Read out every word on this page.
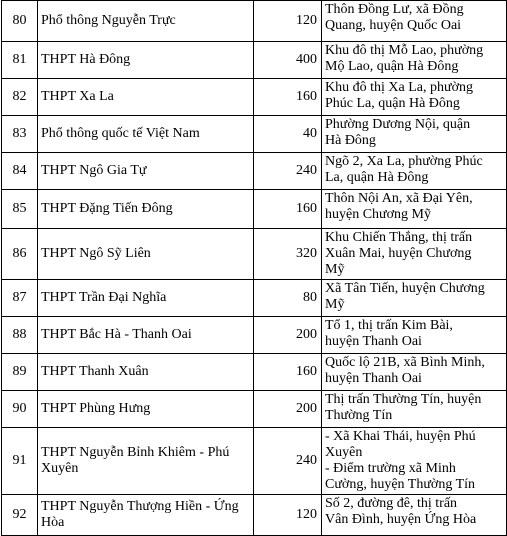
80	Phổ thông Nguyễn Trực	120	Thôn Đồng Lư, xã Đồng
Quang, huyện Quốc Oai

81	THPT Hà Đông	400	Khu đô thị Mỗ Lao, phường
Mộ Lao, quận Hà Đông

82	THPT Xa La	160	Khu đô thị Xa La, phường
Phúc La, quận Hà Đông

83	Phổ thông quốc tế Việt Nam	40	Phường Dương Nội, quận
Hà Đông

84	THPT Ngô Gia Tự	240	Ngõ 2, Xa La, phường Phúc
La, quận Hà Đông

85	THPT Đặng Tiến Đông	160	Thôn Nội An, xã Đại Yên,
huyện Chương Mỹ

86	THPT Ngô Sỹ Liên	320	Khu Chiến Thắng, thị trấn
Xuân Mai, huyện Chương
Mỹ

87	THPT Trần Đại Nghĩa	80	Xã Tân Tiến, huyện Chương
Mỹ

88	THPT Bắc Hà - Thanh Oai	200	Tổ 1, thị trấn Kim Bài,
huyện Thanh Oai

89	THPT Thanh Xuân	160	Quốc lộ 21B, xã Bình Minh,
huyện Thanh Oai

90	THPT Phùng Hưng	200	Thị trấn Thường Tín, huyện
Thường Tín

91	THPT Nguyễn Bỉnh Khiêm - Phú Xuyên	240	- Xã Khai Thái, huyện Phú
Xuyên
- Điểm trường xã Minh
Cường, huyện Thường Tín

92	THPT Nguyễn Thượng Hiền - Ứng Hòa	120	Số 2, đường đê, thị trấn
Vân Đình, huyện Ứng Hòa
